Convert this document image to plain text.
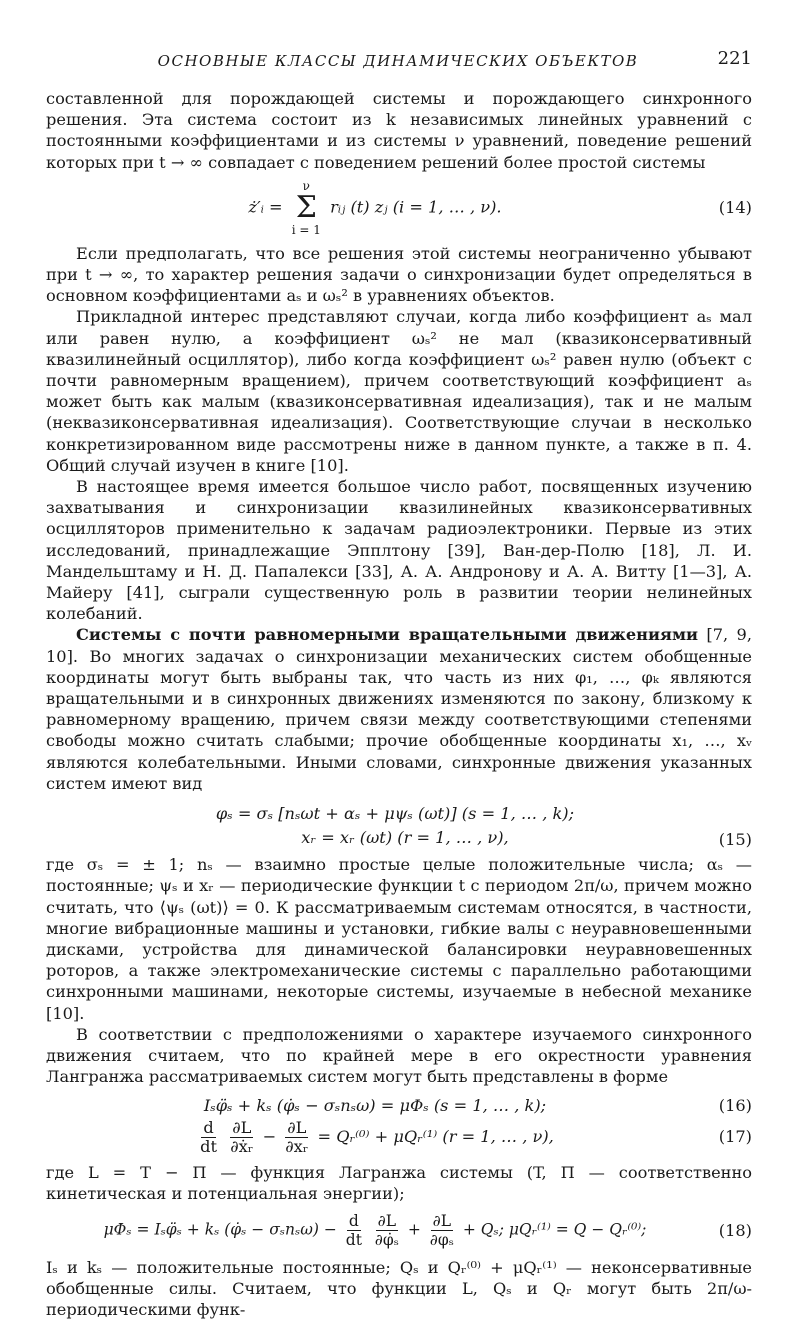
ОСНОВНЫЕ КЛАССЫ ДИНАМИЧЕСКИХ ОБЪЕКТОВ	221

составленной для порождающей системы и порождающего синхронного решения. Эта система состоит из k независимых линейных уравнений с постоянными коэффициентами и из системы ν уравнений, поведение решений которых при t → ∞ совпадает с поведением решений более простой системы

ż′ᵢ =
ν
Σ
i = 1
rᵢⱼ (t) zⱼ (i = 1, … , ν).	(14)

Если предполагать, что все решения этой системы неограниченно убывают при t → ∞, то характер решения задачи о синхронизации будет определяться в основном коэффициентами aₛ и ωₛ² в уравнениях объектов.

Прикладной интерес представляют случаи, когда либо коэффициент aₛ мал или равен нулю, а коэффициент ωₛ² не мал (квазиконсервативный квазилинейный осциллятор), либо когда коэффициент ωₛ² равен нулю (объект с почти равномерным вращением), причем соответствующий коэффициент aₛ может быть как малым (квазиконсервативная идеализация), так и не малым (неквазиконсервативная идеализация). Соответствующие случаи в несколько конкретизированном виде рассмотрены ниже в данном пункте, а также в п. 4. Общий случай изучен в книге [10].

В настоящее время имеется большое число работ, посвященных изучению захватывания и синхронизации квазилинейных квазиконсервативных осцилляторов применительно к задачам радиоэлектроники. Первые из этих исследований, принадлежащие Эпплтону [39], Ван-дер-Полю [18], Л. И. Мандельштаму и Н. Д. Папалекси [33], А. А. Андронову и А. А. Витту [1—3], А. Майеру [41], сыграли существенную роль в развитии теории нелинейных колебаний.

Системы с почти равномерными вращательными движениями [7, 9, 10]. Во многих задачах о синхронизации механических систем обобщенные координаты могут быть выбраны так, что часть из них φ₁, …, φₖ являются вращательными и в синхронных движениях изменяются по закону, близкому к равномерному вращению, причем связи между соответствующими степенями свободы можно считать слабыми; прочие обобщенные координаты x₁, …, xᵥ являются колебательными. Иными словами, синхронные движения указанных систем имеют вид

φₛ = σₛ [nₛωt + αₛ + μψₛ (ωt)] (s = 1, … , k);
xᵣ = xᵣ (ωt) (r = 1, … , ν),	(15)

где σₛ = ± 1; nₛ — взаимно простые целые положительные числа; αₛ — постоянные; ψₛ и xᵣ — периодические функции t с периодом 2π/ω, причем можно считать, что ⟨ψₛ (ωt)⟩ = 0. К рассматриваемым системам относятся, в частности, многие вибрационные машины и установки, гибкие валы с неуравновешенными дисками, устройства для динамической балансировки неуравновешенных роторов, а также электромеханические системы с параллельно работающими синхронными машинами, некоторые системы, изучаемые в небесной механике [10].

В соответствии с предположениями о характере изучаемого синхронного движения считаем, что по крайней мере в его окрестности уравнения Лангранжа рассматриваемых систем могут быть представлены в форме

Iₛφ̈ₛ + kₛ (φ̇ₛ − σₛnₛω) = μΦₛ (s = 1, … , k);	(16)
$\frac{d}{dt}$
$\frac{\partial L}{\text{∂ẋᵣ}} - \frac{\partial L}{\text{∂xᵣ}}$ = Qᵣ⁽⁰⁾ + μQᵣ⁽¹⁾ (r = 1, … , ν),	(17)

где L = T − П — функция Лагранжа системы (T, П — соответственно кинетическая и потенциальная энергии);

μΦₛ = Iₛφ̈ₛ + kₛ (φ̇ₛ − $\sigma_sn_s\omega) - \frac{d}{dt}$
$\frac{\partial L}{\text{∂φ̇ₛ}} + \frac{\partial L}{\text{∂φₛ}} + Q_s$; μQᵣ⁽¹⁾ = Q − Qᵣ⁽⁰⁾;	(18)

Iₛ и kₛ — положительные постоянные; Qₛ и Qᵣ⁽⁰⁾ + μQᵣ⁽¹⁾ — неконсервативные обобщенные силы. Считаем, что функции L, Qₛ и Qᵣ могут быть 2π/ω-периодическими функ-
